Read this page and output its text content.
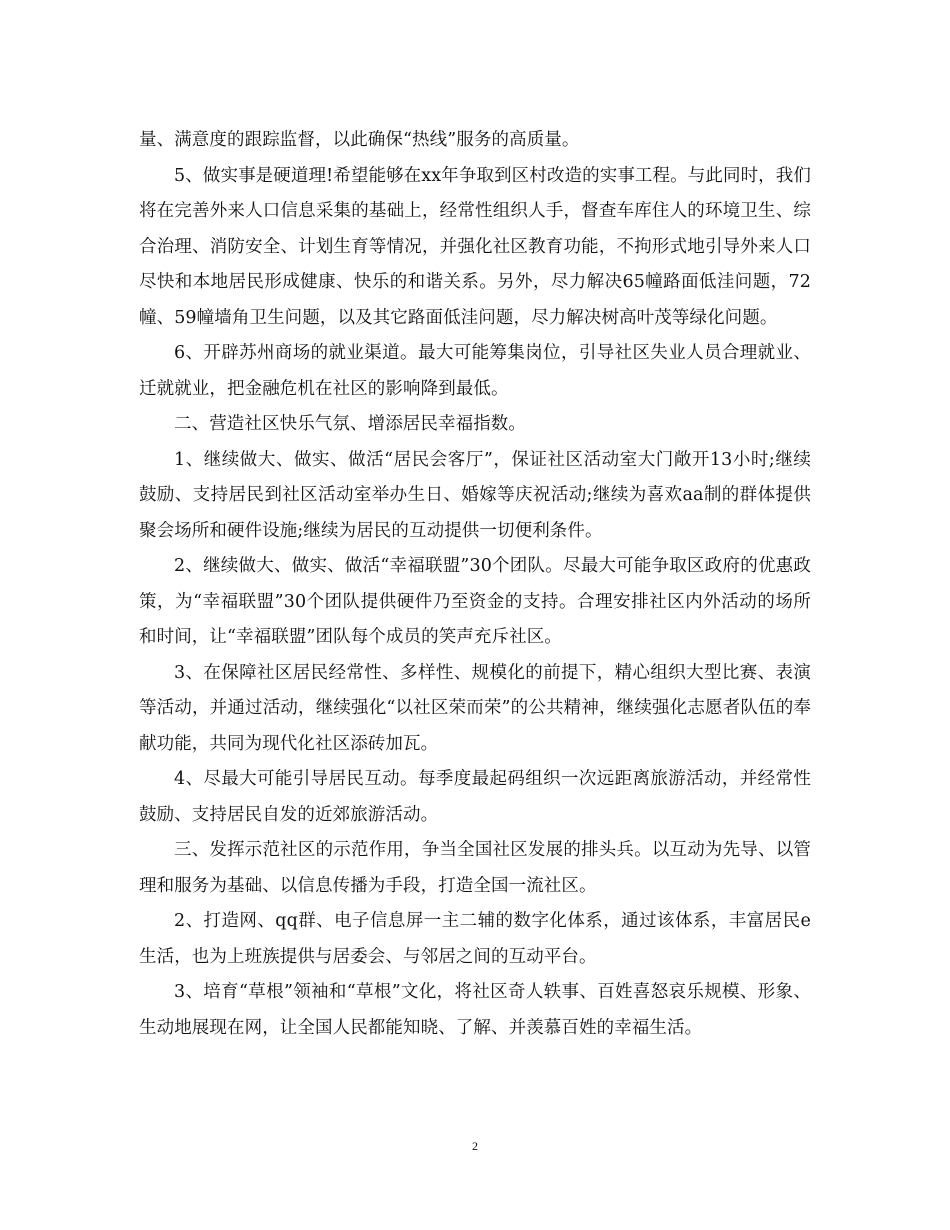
量、满意度的跟踪监督，以此确保“热线”服务的高质量。

5、做实事是硬道理!希望能够在xx年争取到区村改造的实事工程。与此同时，我们将在完善外来人口信息采集的基础上，经常性组织人手，督查车库住人的环境卫生、综合治理、消防安全、计划生育等情况，并强化社区教育功能，不拘形式地引导外来人口尽快和本地居民形成健康、快乐的和谐关系。另外，尽力解决65幢路面低洼问题，72幢、59幢墙角卫生问题，以及其它路面低洼问题，尽力解决树高叶茂等绿化问题。

6、开辟苏州商场的就业渠道。最大可能筹集岗位，引导社区失业人员合理就业、迁就就业，把金融危机在社区的影响降到最低。

二、营造社区快乐气氛、增添居民幸福指数。

1、继续做大、做实、做活“居民会客厅”，保证社区活动室大门敞开13小时;继续鼓励、支持居民到社区活动室举办生日、婚嫁等庆祝活动;继续为喜欢aa制的群体提供聚会场所和硬件设施;继续为居民的互动提供一切便利条件。

2、继续做大、做实、做活“幸福联盟”30个团队。尽最大可能争取区政府的优惠政策，为“幸福联盟”30个团队提供硬件乃至资金的支持。合理安排社区内外活动的场所和时间，让“幸福联盟”团队每个成员的笑声充斥社区。

3、在保障社区居民经常性、多样性、规模化的前提下，精心组织大型比赛、表演等活动，并通过活动，继续强化“以社区荣而荣”的公共精神，继续强化志愿者队伍的奉献功能，共同为现代化社区添砖加瓦。

4、尽最大可能引导居民互动。每季度最起码组织一次远距离旅游活动，并经常性鼓励、支持居民自发的近郊旅游活动。

三、发挥示范社区的示范作用，争当全国社区发展的排头兵。以互动为先导、以管理和服务为基础、以信息传播为手段，打造全国一流社区。

2、打造网、qq群、电子信息屏一主二辅的数字化体系，通过该体系，丰富居民e生活，也为上班族提供与居委会、与邻居之间的互动平台。

3、培育“草根”领袖和“草根”文化，将社区奇人轶事、百姓喜怒哀乐规模、形象、生动地展现在网，让全国人民都能知晓、了解、并羡慕百姓的幸福生活。

2
